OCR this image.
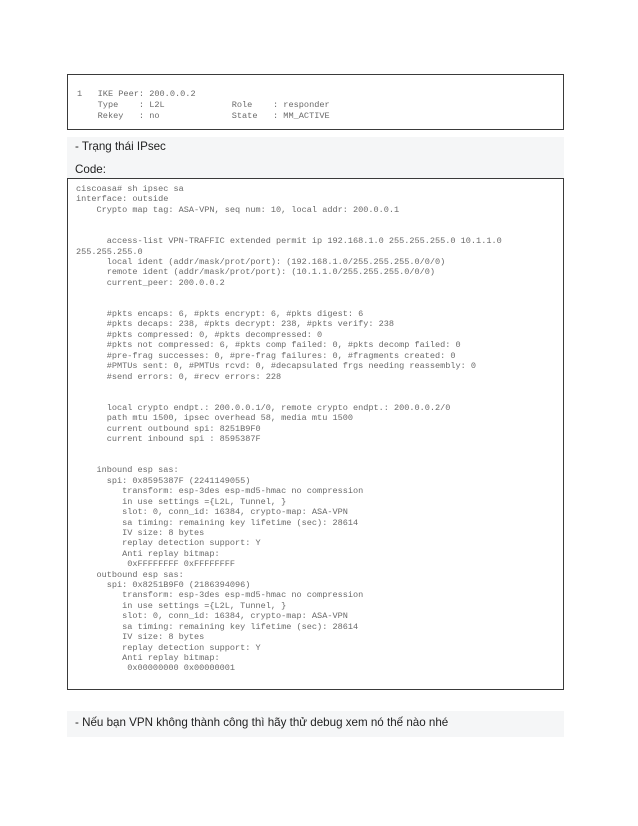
1   IKE Peer: 200.0.0.2
Type    : L2L             Role    : responder
Rekey   : no              State   : MM_ACTIVE
- Trạng thái IPsec
Code:
ciscoasa# sh ipsec sa
interface: outside
Crypto map tag: ASA-VPN, seq num: 10, local addr: 200.0.0.1

access-list VPN-TRAFFIC extended permit ip 192.168.1.0 255.255.255.0 10.1.1.0
255.255.255.0
local ident (addr/mask/prot/port): (192.168.1.0/255.255.255.0/0/0)
remote ident (addr/mask/prot/port): (10.1.1.0/255.255.255.0/0/0)
current_peer: 200.0.0.2

#pkts encaps: 6, #pkts encrypt: 6, #pkts digest: 6
#pkts decaps: 238, #pkts decrypt: 238, #pkts verify: 238
#pkts compressed: 0, #pkts decompressed: 0
#pkts not compressed: 6, #pkts comp failed: 0, #pkts decomp failed: 0
#pre-frag successes: 0, #pre-frag failures: 0, #fragments created: 0
#PMTUs sent: 0, #PMTUs rcvd: 0, #decapsulated frgs needing reassembly: 0
#send errors: 0, #recv errors: 228

local crypto endpt.: 200.0.0.1/0, remote crypto endpt.: 200.0.0.2/0
path mtu 1500, ipsec overhead 58, media mtu 1500
current outbound spi: 8251B9F0
current inbound spi : 8595387F

inbound esp sas:
spi: 0x8595387F (2241149055)
transform: esp-3des esp-md5-hmac no compression
in use settings ={L2L, Tunnel, }
slot: 0, conn_id: 16384, crypto-map: ASA-VPN
sa timing: remaining key lifetime (sec): 28614
IV size: 8 bytes
replay detection support: Y
Anti replay bitmap:
0xFFFFFFFF 0xFFFFFFFF
outbound esp sas:
spi: 0x8251B9F0 (2186394096)
transform: esp-3des esp-md5-hmac no compression
in use settings ={L2L, Tunnel, }
slot: 0, conn_id: 16384, crypto-map: ASA-VPN
sa timing: remaining key lifetime (sec): 28614
IV size: 8 bytes
replay detection support: Y
Anti replay bitmap:
0x00000000 0x00000001
- Nếu bạn VPN không thành công thì hãy thử debug xem nó thế nào nhé
